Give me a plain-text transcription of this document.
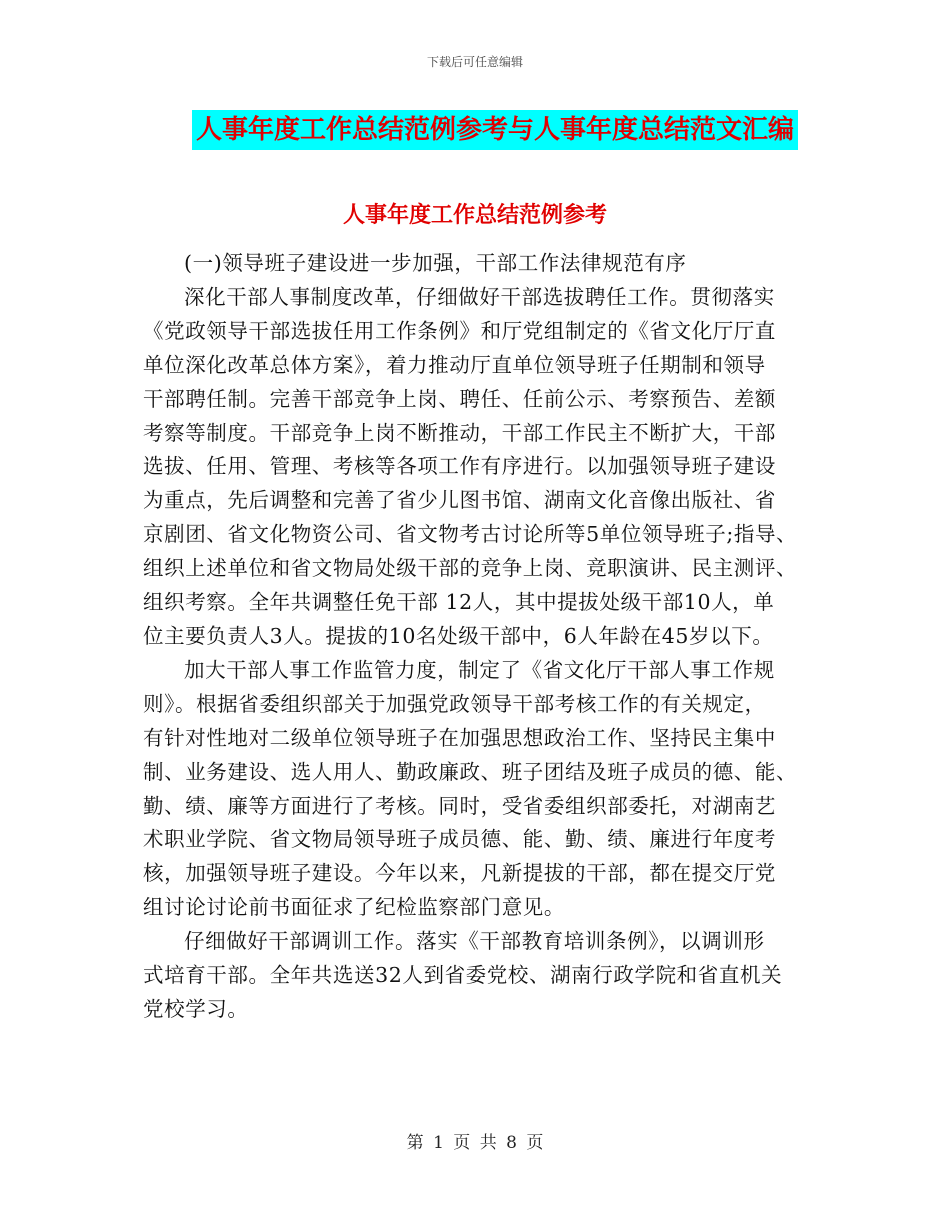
下载后可任意编辑
人事年度工作总结范例参考与人事年度总结范文汇编
人事年度工作总结范例参考

(一)领导班子建设进一步加强，干部工作法律规范有序

深化干部人事制度改革，仔细做好干部选拔聘任工作。贯彻落实
《党政领导干部选拔任用工作条例》和厅党组制定的《省文化厅厅直
单位深化改革总体方案》，着力推动厅直单位领导班子任期制和领导
干部聘任制。完善干部竞争上岗、聘任、任前公示、考察预告、差额
考察等制度。干部竞争上岗不断推动，干部工作民主不断扩大，干部
选拔、任用、管理、考核等各项工作有序进行。以加强领导班子建设
为重点，先后调整和完善了省少儿图书馆、湖南文化音像出版社、省
京剧团、省文化物资公司、省文物考古讨论所等5单位领导班子;指导、
组织上述单位和省文物局处级干部的竞争上岗、竞职演讲、民主测评、
组织考察。全年共调整任免干部 12人，其中提拔处级干部10人，单
位主要负责人3人。提拔的10名处级干部中，6人年龄在45岁以下。

加大干部人事工作监管力度，制定了《省文化厅干部人事工作规
则》。根据省委组织部关于加强党政领导干部考核工作的有关规定，
有针对性地对二级单位领导班子在加强思想政治工作、坚持民主集中
制、业务建设、选人用人、勤政廉政、班子团结及班子成员的德、能、
勤、绩、廉等方面进行了考核。同时，受省委组织部委托，对湖南艺
术职业学院、省文物局领导班子成员德、能、勤、绩、廉进行年度考
核，加强领导班子建设。今年以来，凡新提拔的干部，都在提交厅党
组讨论讨论前书面征求了纪检监察部门意见。

仔细做好干部调训工作。落实《干部教育培训条例》，以调训形
式培育干部。全年共选送32人到省委党校、湖南行政学院和省直机关
党校学习。

第 1 页 共 8 页
